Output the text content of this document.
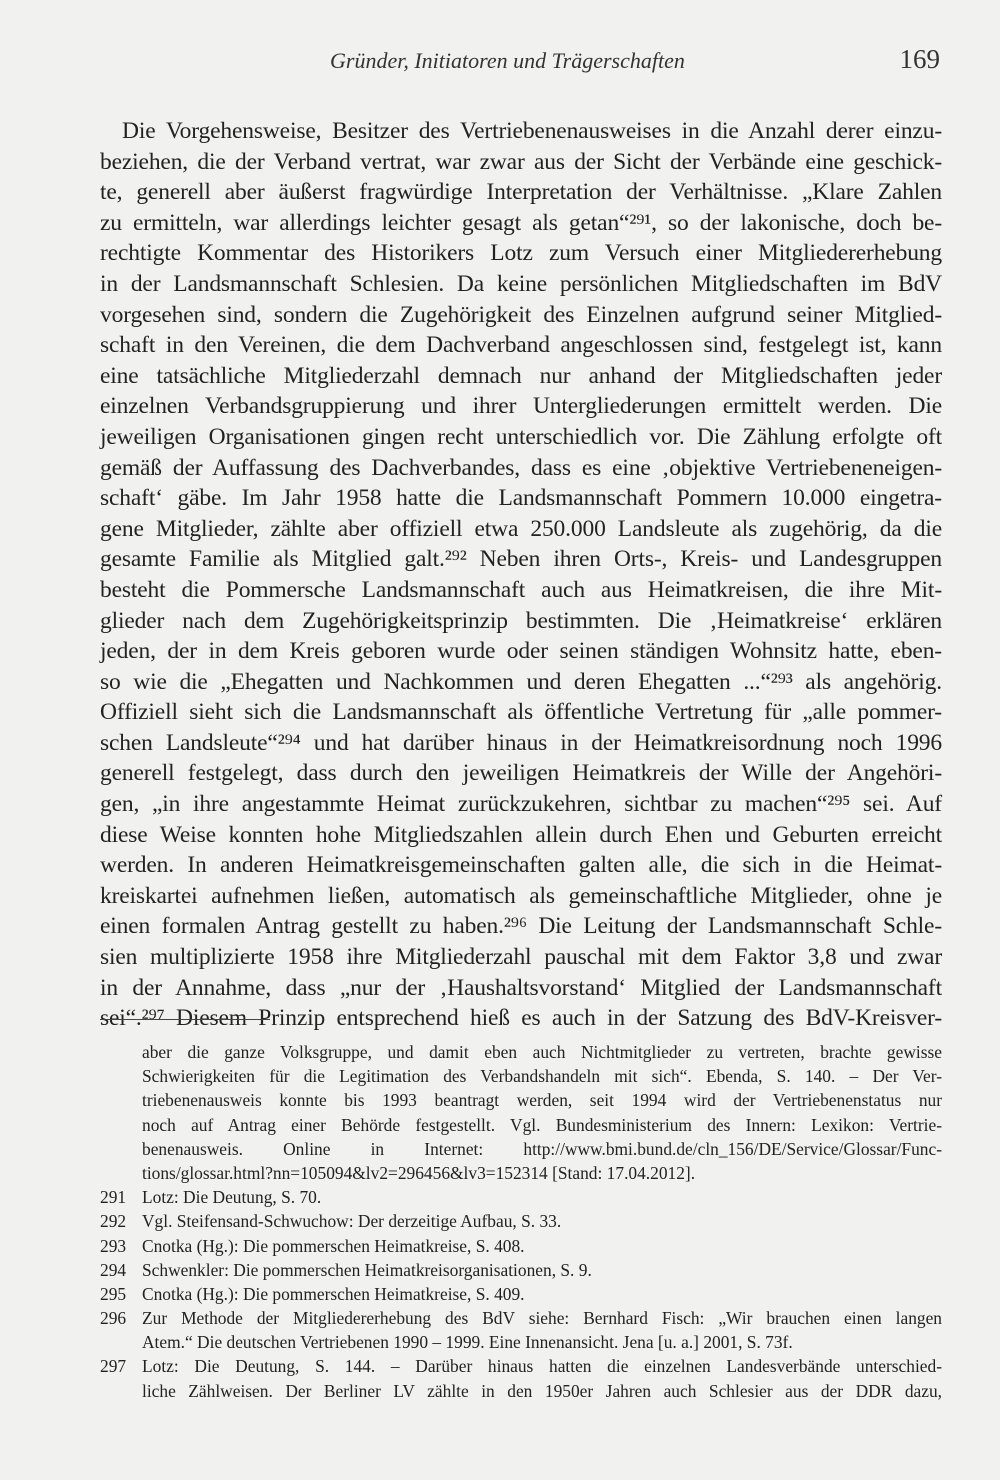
Gründer, Initiatoren und Trägerschaften	169
Die Vorgehensweise, Besitzer des Vertriebenenausweises in die Anzahl derer einzu-
beziehen, die der Verband vertrat, war zwar aus der Sicht der Verbände eine geschick-
te, generell aber äußerst fragwürdige Interpretation der Verhältnisse. „Klare Zahlen
zu ermitteln, war allerdings leichter gesagt als getan“²⁹¹, so der lakonische, doch be-
rechtigte Kommentar des Historikers Lotz zum Versuch einer Mitgliedererhebung
in der Landsmannschaft Schlesien. Da keine persönlichen Mitgliedschaften im BdV
vorgesehen sind, sondern die Zugehörigkeit des Einzelnen aufgrund seiner Mitglied-
schaft in den Vereinen, die dem Dachverband angeschlossen sind, festgelegt ist, kann
eine tatsächliche Mitgliederzahl demnach nur anhand der Mitgliedschaften jeder
einzelnen Verbandsgruppierung und ihrer Untergliederungen ermittelt werden. Die
jeweiligen Organisationen gingen recht unterschiedlich vor. Die Zählung erfolgte oft
gemäß der Auffassung des Dachverbandes, dass es eine ‚objektive Vertriebeneneigen-
schaft‘ gäbe. Im Jahr 1958 hatte die Landsmannschaft Pommern 10.000 eingetra-
gene Mitglieder, zählte aber offiziell etwa 250.000 Landsleute als zugehörig, da die
gesamte Familie als Mitglied galt.²⁹² Neben ihren Orts-, Kreis- und Landesgruppen
besteht die Pommersche Landsmannschaft auch aus Heimatkreisen, die ihre Mit-
glieder nach dem Zugehörigkeitsprinzip bestimmten. Die ‚Heimatkreise‘ erklären
jeden, der in dem Kreis geboren wurde oder seinen ständigen Wohnsitz hatte, eben-
so wie die „Ehegatten und Nachkommen und deren Ehegatten ...“²⁹³ als angehörig.
Offiziell sieht sich die Landsmannschaft als öffentliche Vertretung für „alle pommer-
schen Landsleute“²⁹⁴ und hat darüber hinaus in der Heimatkreisordnung noch 1996
generell festgelegt, dass durch den jeweiligen Heimatkreis der Wille der Angehöri-
gen, „in ihre angestammte Heimat zurückzukehren, sichtbar zu machen“²⁹⁵ sei. Auf
diese Weise konnten hohe Mitgliedszahlen allein durch Ehen und Geburten erreicht
werden. In anderen Heimatkreisgemeinschaften galten alle, die sich in die Heimat-
kreiskartei aufnehmen ließen, automatisch als gemeinschaftliche Mitglieder, ohne je
einen formalen Antrag gestellt zu haben.²⁹⁶ Die Leitung der Landsmannschaft Schle-
sien multiplizierte 1958 ihre Mitgliederzahl pauschal mit dem Faktor 3,8 und zwar
in der Annahme, dass „nur der ‚Haushaltsvorstand‘ Mitglied der Landsmannschaft
sei“.²⁹⁷ Diesem Prinzip entsprechend hieß es auch in der Satzung des BdV-Kreisver-
aber die ganze Volksgruppe, und damit eben auch Nichtmitglieder zu vertreten, brachte gewisse
Schwierigkeiten für die Legitimation des Verbandshandeln mit sich“. Ebenda, S. 140. – Der Ver-
triebenenausweis konnte bis 1993 beantragt werden, seit 1994 wird der Vertriebenenstatus nur
noch auf Antrag einer Behörde festgestellt. Vgl. Bundesministerium des Innern: Lexikon: Vertrie-
benenausweis. Online in Internet: http://www.bmi.bund.de/cln_156/DE/Service/Glossar/Func-
tions/glossar.html?nn=105094&lv2=296456&lv3=152314 [Stand: 17.04.2012].
291 Lotz: Die Deutung, S. 70.
292 Vgl. Steifensand-Schwuchow: Der derzeitige Aufbau, S. 33.
293 Cnotka (Hg.): Die pommerschen Heimatkreise, S. 408.
294 Schwenkler: Die pommerschen Heimatkreisorganisationen, S. 9.
295 Cnotka (Hg.): Die pommerschen Heimatkreise, S. 409.
296 Zur Methode der Mitgliedererhebung des BdV siehe: Bernhard Fisch: „Wir brauchen einen langen
Atem.“ Die deutschen Vertriebenen 1990 – 1999. Eine Innenansicht. Jena [u. a.] 2001, S. 73f.
297 Lotz: Die Deutung, S. 144. – Darüber hinaus hatten die einzelnen Landesverbände unterschied-
liche Zählweisen. Der Berliner LV zählte in den 1950er Jahren auch Schlesier aus der DDR dazu,
